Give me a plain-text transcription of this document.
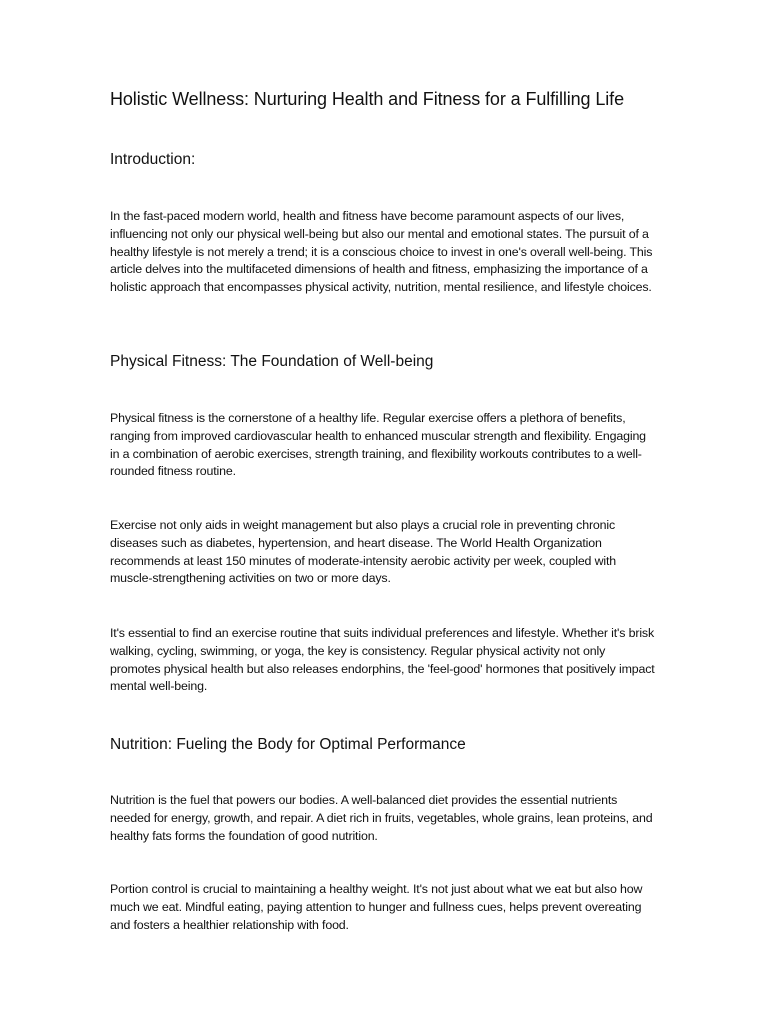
Holistic Wellness: Nurturing Health and Fitness for a Fulfilling Life
Introduction:

In the fast-paced modern world, health and fitness have become paramount aspects of our lives, influencing not only our physical well-being but also our mental and emotional states. The pursuit of a healthy lifestyle is not merely a trend; it is a conscious choice to invest in one's overall well-being. This article delves into the multifaceted dimensions of health and fitness, emphasizing the importance of a holistic approach that encompasses physical activity, nutrition, mental resilience, and lifestyle choices.

Physical Fitness: The Foundation of Well-being

Physical fitness is the cornerstone of a healthy life. Regular exercise offers a plethora of benefits, ranging from improved cardiovascular health to enhanced muscular strength and flexibility. Engaging in a combination of aerobic exercises, strength training, and flexibility workouts contributes to a well-rounded fitness routine.

Exercise not only aids in weight management but also plays a crucial role in preventing chronic diseases such as diabetes, hypertension, and heart disease. The World Health Organization recommends at least 150 minutes of moderate-intensity aerobic activity per week, coupled with muscle-strengthening activities on two or more days.

It's essential to find an exercise routine that suits individual preferences and lifestyle. Whether it's brisk walking, cycling, swimming, or yoga, the key is consistency. Regular physical activity not only promotes physical health but also releases endorphins, the 'feel-good' hormones that positively impact mental well-being.

Nutrition: Fueling the Body for Optimal Performance

Nutrition is the fuel that powers our bodies. A well-balanced diet provides the essential nutrients needed for energy, growth, and repair. A diet rich in fruits, vegetables, whole grains, lean proteins, and healthy fats forms the foundation of good nutrition.

Portion control is crucial to maintaining a healthy weight. It's not just about what we eat but also how much we eat. Mindful eating, paying attention to hunger and fullness cues, helps prevent overeating and fosters a healthier relationship with food.
